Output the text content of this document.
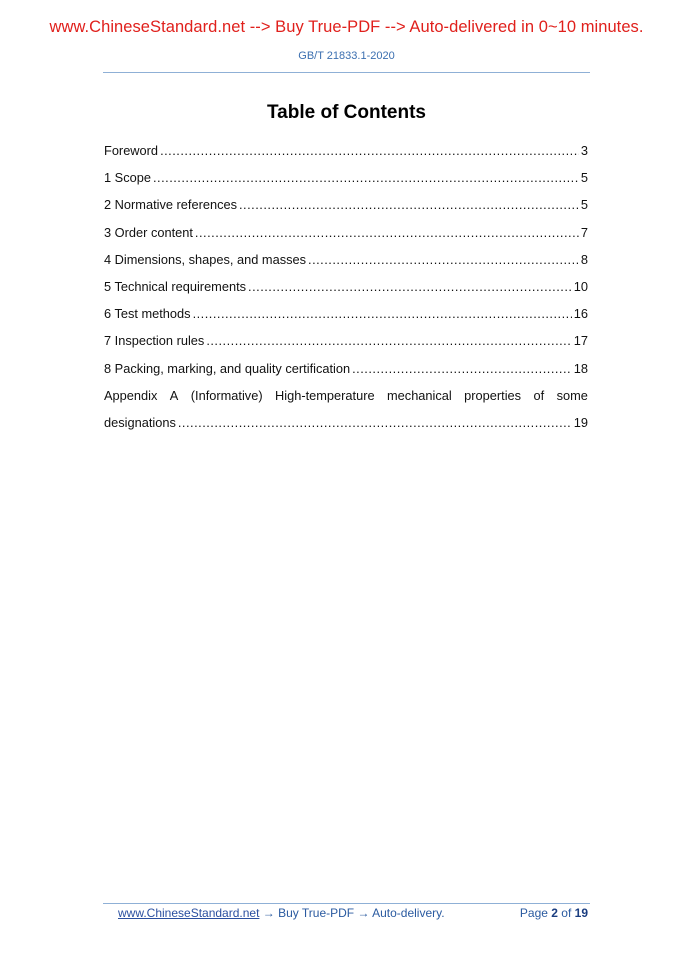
www.ChineseStandard.net --> Buy True-PDF --> Auto-delivered in 0~10 minutes.
GB/T 21833.1-2020
Table of Contents
Foreword .....	3
1 Scope .....	5
2 Normative references .....	5
3 Order content .....	7
4 Dimensions, shapes, and masses .....	8
5 Technical requirements .....	10
6 Test methods .....	16
7 Inspection rules .....	17
8 Packing, marking, and quality certification .....	18
Appendix A (Informative) High-temperature mechanical properties of some
designations .....	19
www.ChineseStandard.net → Buy True-PDF → Auto-delivery.	Page 2 of 19
